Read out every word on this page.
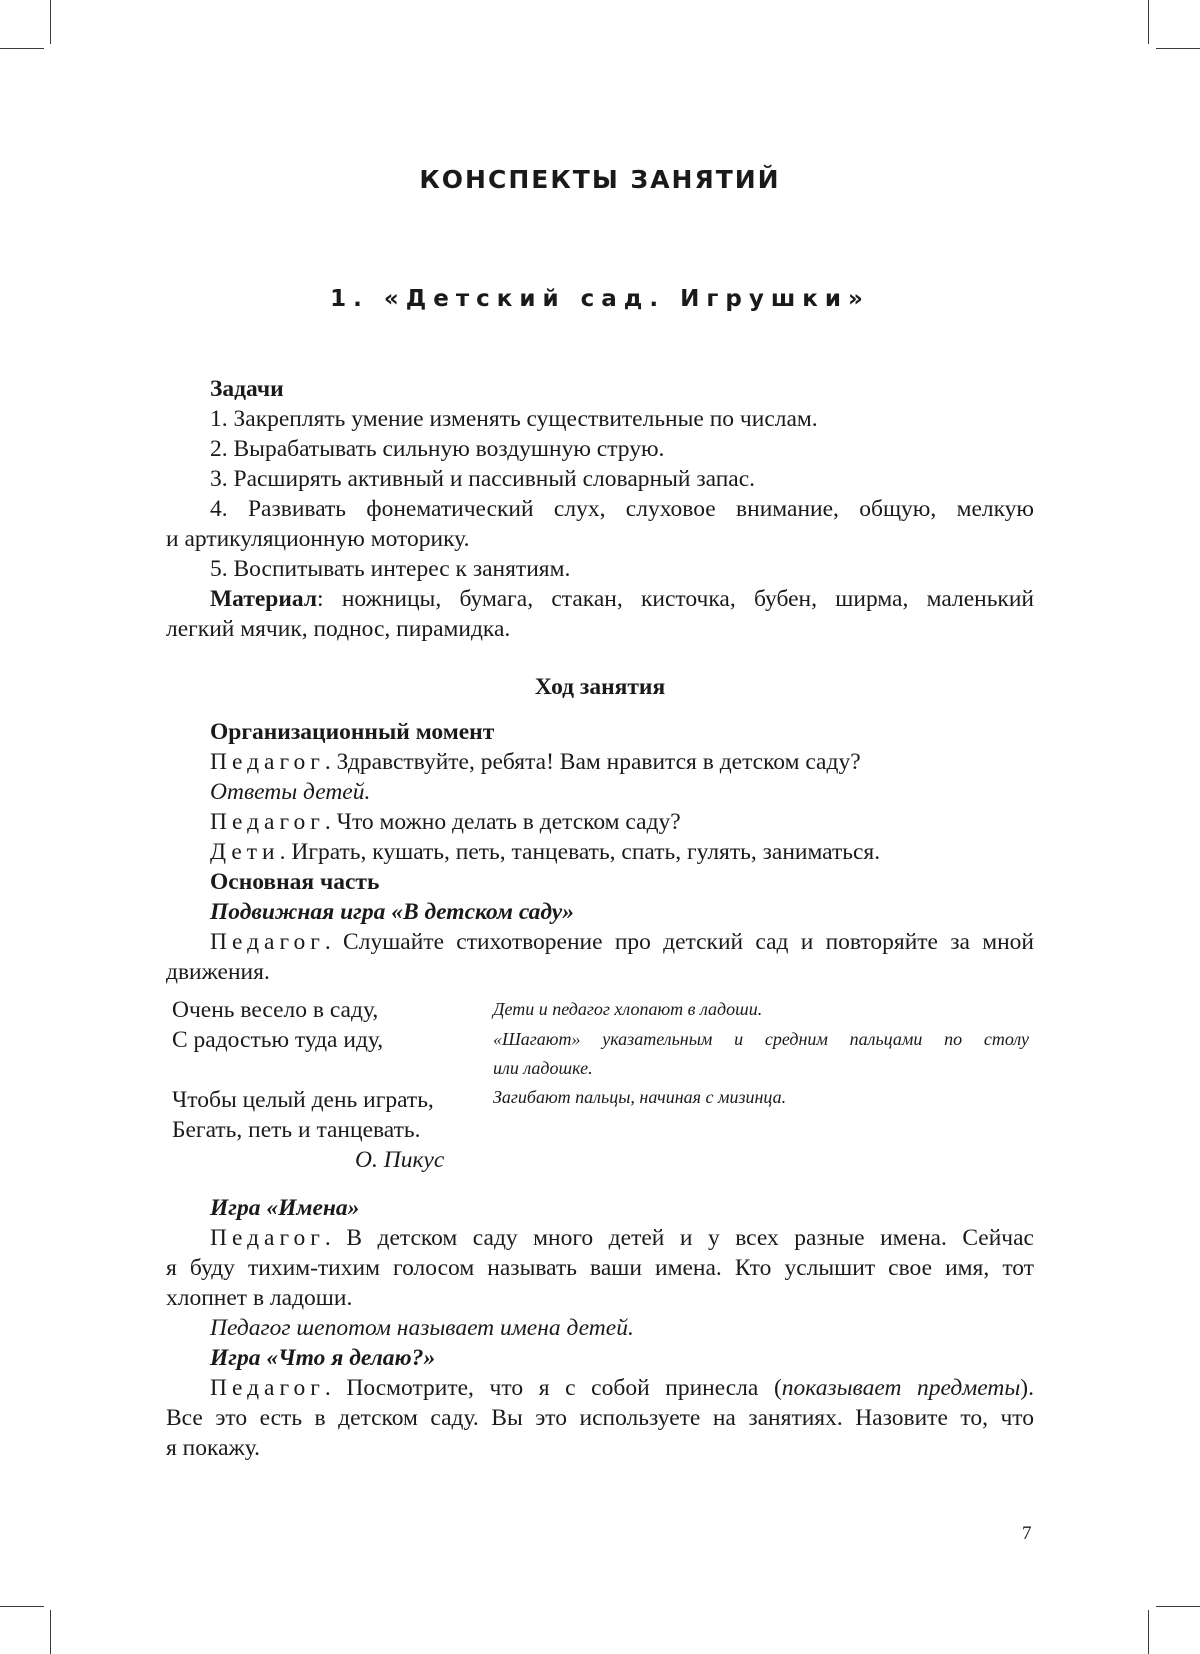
КОНСПЕКТЫ ЗАНЯТИЙ
1. «Детский сад. Игрушки»
Задачи
1. Закреплять умение изменять существительные по числам.
2. Вырабатывать сильную воздушную струю.
3. Расширять активный и пассивный словарный запас.
4. Развивать фонематический слух, слуховое внимание, общую, мелкую
и артикуляционную моторику.
5. Воспитывать интерес к занятиям.
Материал: ножницы, бумага, стакан, кисточка, бубен, ширма, маленький
легкий мячик, поднос, пирамидка.
Ход занятия
Организационный момент
Педагог. Здравствуйте, ребята! Вам нравится в детском саду?
Ответы детей.
Педагог. Что можно делать в детском саду?
Дети. Играть, кушать, петь, танцевать, спать, гулять, заниматься.
Основная часть
Подвижная игра «В детском саду»
Педагог. Слушайте стихотворение про детский сад и повторяйте за мной
движения.
Очень весело в саду,
С радостью туда иду,
Чтобы целый день играть,
Бегать, петь и танцевать.
О. Пикус
Дети и педагог хлопают в ладоши.
«Шагают» указательным и средним пальцами по столу
или ладошке.
Загибают пальцы, начиная с мизинца.
Игра «Имена»
Педагог. В детском саду много детей и у всех разные имена. Сейчас
я буду тихим-тихим голосом называть ваши имена. Кто услышит свое имя, тот
хлопнет в ладоши.
Педагог шепотом называет имена детей.
Игра «Что я делаю?»
Педагог. Посмотрите, что я с собой принесла (показывает предметы).
Все это есть в детском саду. Вы это используете на занятиях. Назовите то, что
я покажу.
7
